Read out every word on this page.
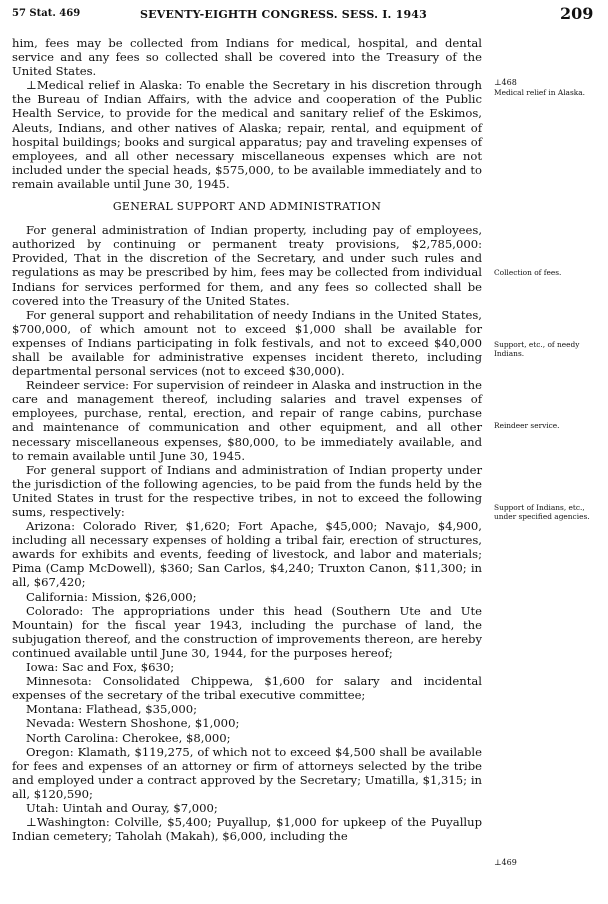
57 Stat. 469	SEVENTY-EIGHTH CONGRESS. SESS. I. 1943	209

him, fees may be collected from Indians for medical, hospital, and dental service and any fees so collected shall be covered into the Treasury of the United States.

⊥Medical relief in Alaska: To enable the Secretary in his discretion through the Bureau of Indian Affairs, with the advice and cooperation of the Public Health Service, to provide for the medical and sanitary relief of the Eskimos, Aleuts, Indians, and other natives of Alaska; repair, rental, and equipment of hospital buildings; books and surgical apparatus; pay and traveling expenses of employees, and all other necessary miscellaneous expenses which are not included under the special heads, $575,000, to be available immediately and to remain available until June 30, 1945.

GENERAL SUPPORT AND ADMINISTRATION

For general administration of Indian property, including pay of employees, authorized by continuing or permanent treaty provisions, $2,785,000: Provided, That in the discretion of the Secretary, and under such rules and regulations as may be prescribed by him, fees may be collected from individual Indians for services performed for them, and any fees so collected shall be covered into the Treasury of the United States.

For general support and rehabilitation of needy Indians in the United States, $700,000, of which amount not to exceed $1,000 shall be available for expenses of Indians participating in folk festivals, and not to exceed $40,000 shall be available for administrative expenses incident thereto, including departmental personal services (not to exceed $30,000).

Reindeer service: For supervision of reindeer in Alaska and instruction in the care and management thereof, including salaries and travel expenses of employees, purchase, rental, erection, and repair of range cabins, purchase and maintenance of communication and other equipment, and all other necessary miscellaneous expenses, $80,000, to be immediately available, and to remain available until June 30, 1945.

For general support of Indians and administration of Indian property under the jurisdiction of the following agencies, to be paid from the funds held by the United States in trust for the respective tribes, in not to exceed the following sums, respectively:

Arizona: Colorado River, $1,620; Fort Apache, $45,000; Navajo, $4,900, including all necessary expenses of holding a tribal fair, erection of structures, awards for exhibits and events, feeding of livestock, and labor and materials; Pima (Camp McDowell), $360; San Carlos, $4,240; Truxton Canon, $11,300; in all, $67,420;

California: Mission, $26,000;

Colorado: The appropriations under this head (Southern Ute and Ute Mountain) for the fiscal year 1943, including the purchase of land, the subjugation thereof, and the construction of improvements thereon, are hereby continued available until June 30, 1944, for the purposes hereof;

Iowa: Sac and Fox, $630;

Minnesota: Consolidated Chippewa, $1,600 for salary and incidental expenses of the secretary of the tribal executive committee;

Montana: Flathead, $35,000;

Nevada: Western Shoshone, $1,000;

North Carolina: Cherokee, $8,000;

Oregon: Klamath, $119,275, of which not to exceed $4,500 shall be available for fees and expenses of an attorney or firm of attorneys selected by the tribe and employed under a contract approved by the Secretary; Umatilla, $1,315; in all, $120,590;

Utah: Uintah and Ouray, $7,000;

⊥Washington: Colville, $5,400; Puyallup, $1,000 for upkeep of the Puyallup Indian cemetery; Taholah (Makah), $6,000, including the

⊥468
Medical relief in Alaska.
Collection of fees.
Support, etc., of needy Indians.
Reindeer service.
Support of Indians, etc., under specified agencies.
⊥469
